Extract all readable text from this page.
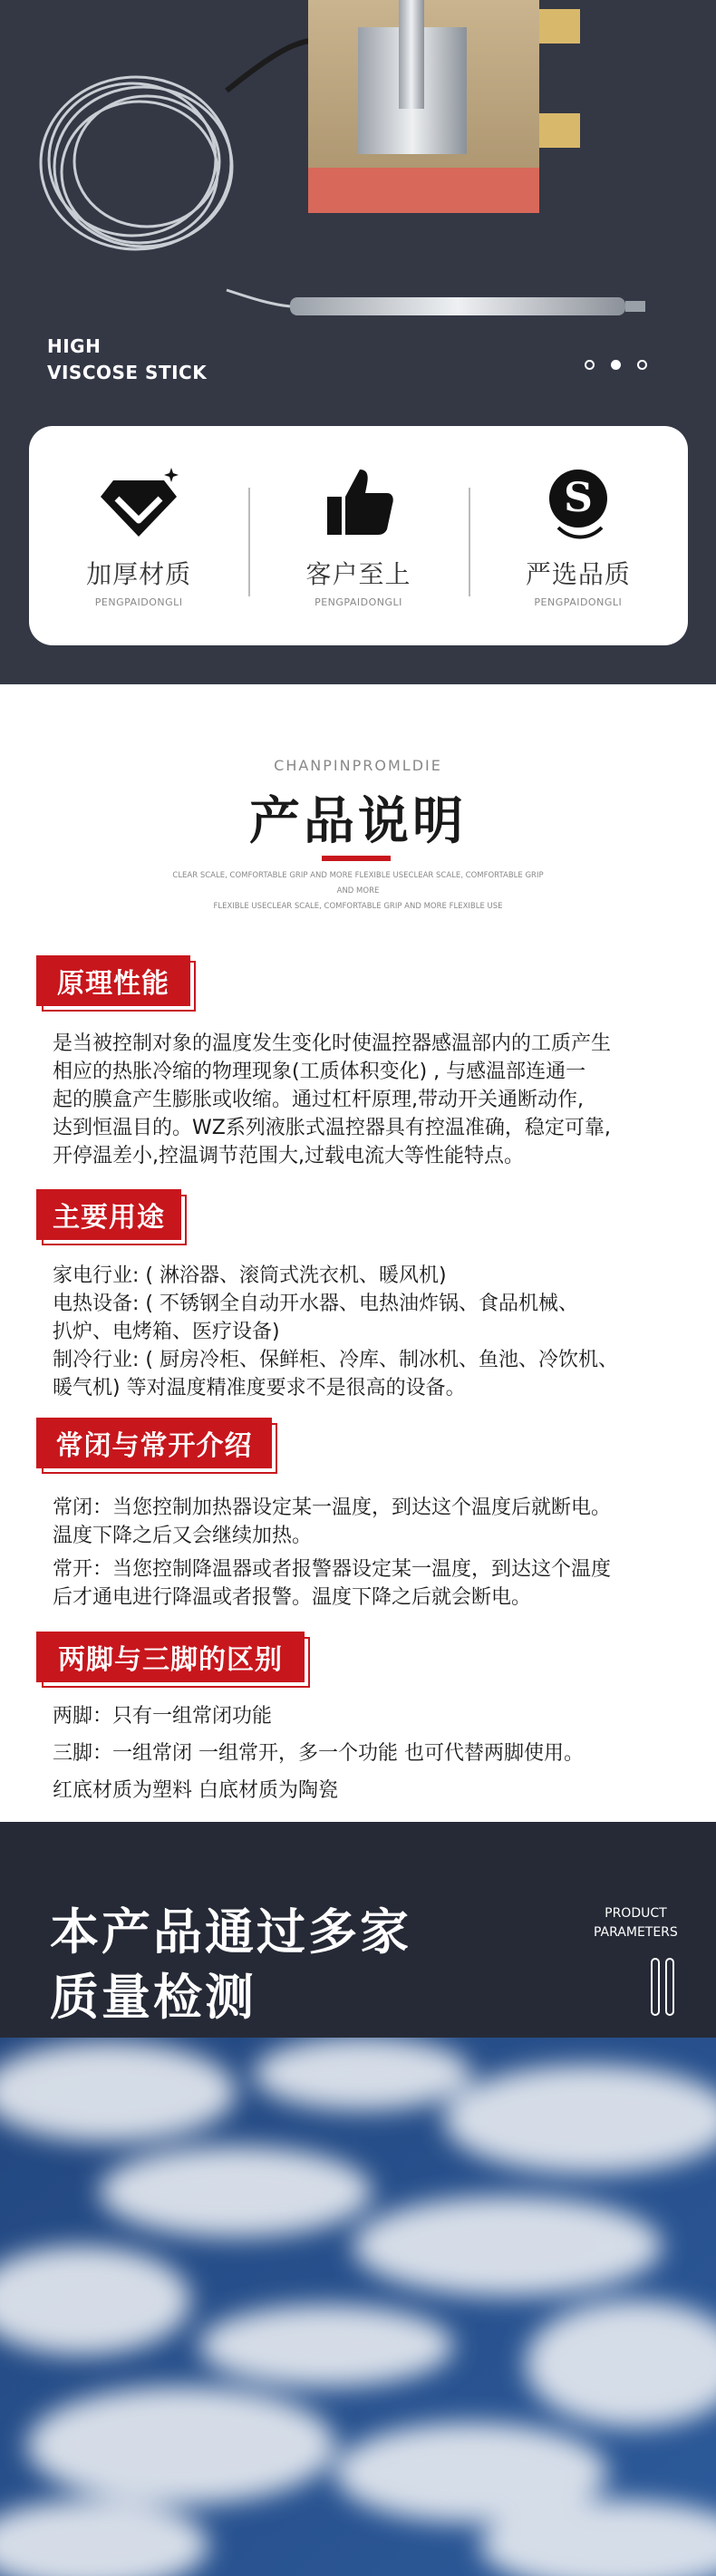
HIGH
VISCOSE STICK
加厚材质
PENGPAIDONGLI
客户至上
PENGPAIDONGLI
S
严选品质
PENGPAIDONGLI
CHANPINPROMLDIE
产品说明
CLEAR SCALE, COMFORTABLE GRIP AND MORE FLEXIBLE USECLEAR SCALE, COMFORTABLE GRIP AND MORE
FLEXIBLE USECLEAR SCALE, COMFORTABLE GRIP AND MORE FLEXIBLE USE
原理性能
是当被控制对象的温度发生变化时使温控器感温部内的工质产生
相应的热胀冷缩的物理现象(工质体积变化) , 与感温部连通一
起的膜盒产生膨胀或收缩。通过杠杆原理,带动开关通断动作,
达到恒温目的。WZ系列液胀式温控器具有控温准确，稳定可靠,
开停温差小,控温调节范围大,过载电流大等性能特点。
主要用途
家电行业: ( 淋浴器、滚筒式洗衣机、暖风机)
电热设备: ( 不锈钢全自动开水器、电热油炸锅、食品机械、
扒炉、电烤箱、医疗设备)
制冷行业: ( 厨房冷柜、保鲜柜、冷库、制冰机、鱼池、冷饮机、
暖气机) 等对温度精准度要求不是很高的设备。
常闭与常开介绍
常闭：当您控制加热器设定某一温度，到达这个温度后就断电。
温度下降之后又会继续加热。
常开：当您控制降温器或者报警器设定某一温度，到达这个温度
后才通电进行降温或者报警。温度下降之后就会断电。
两脚与三脚的区别
两脚：只有一组常闭功能
三脚：一组常闭 一组常开，多一个功能 也可代替两脚使用。
红底材质为塑料 白底材质为陶瓷
本产品通过多家
质量检测
PRODUCT
PARAMETERS
